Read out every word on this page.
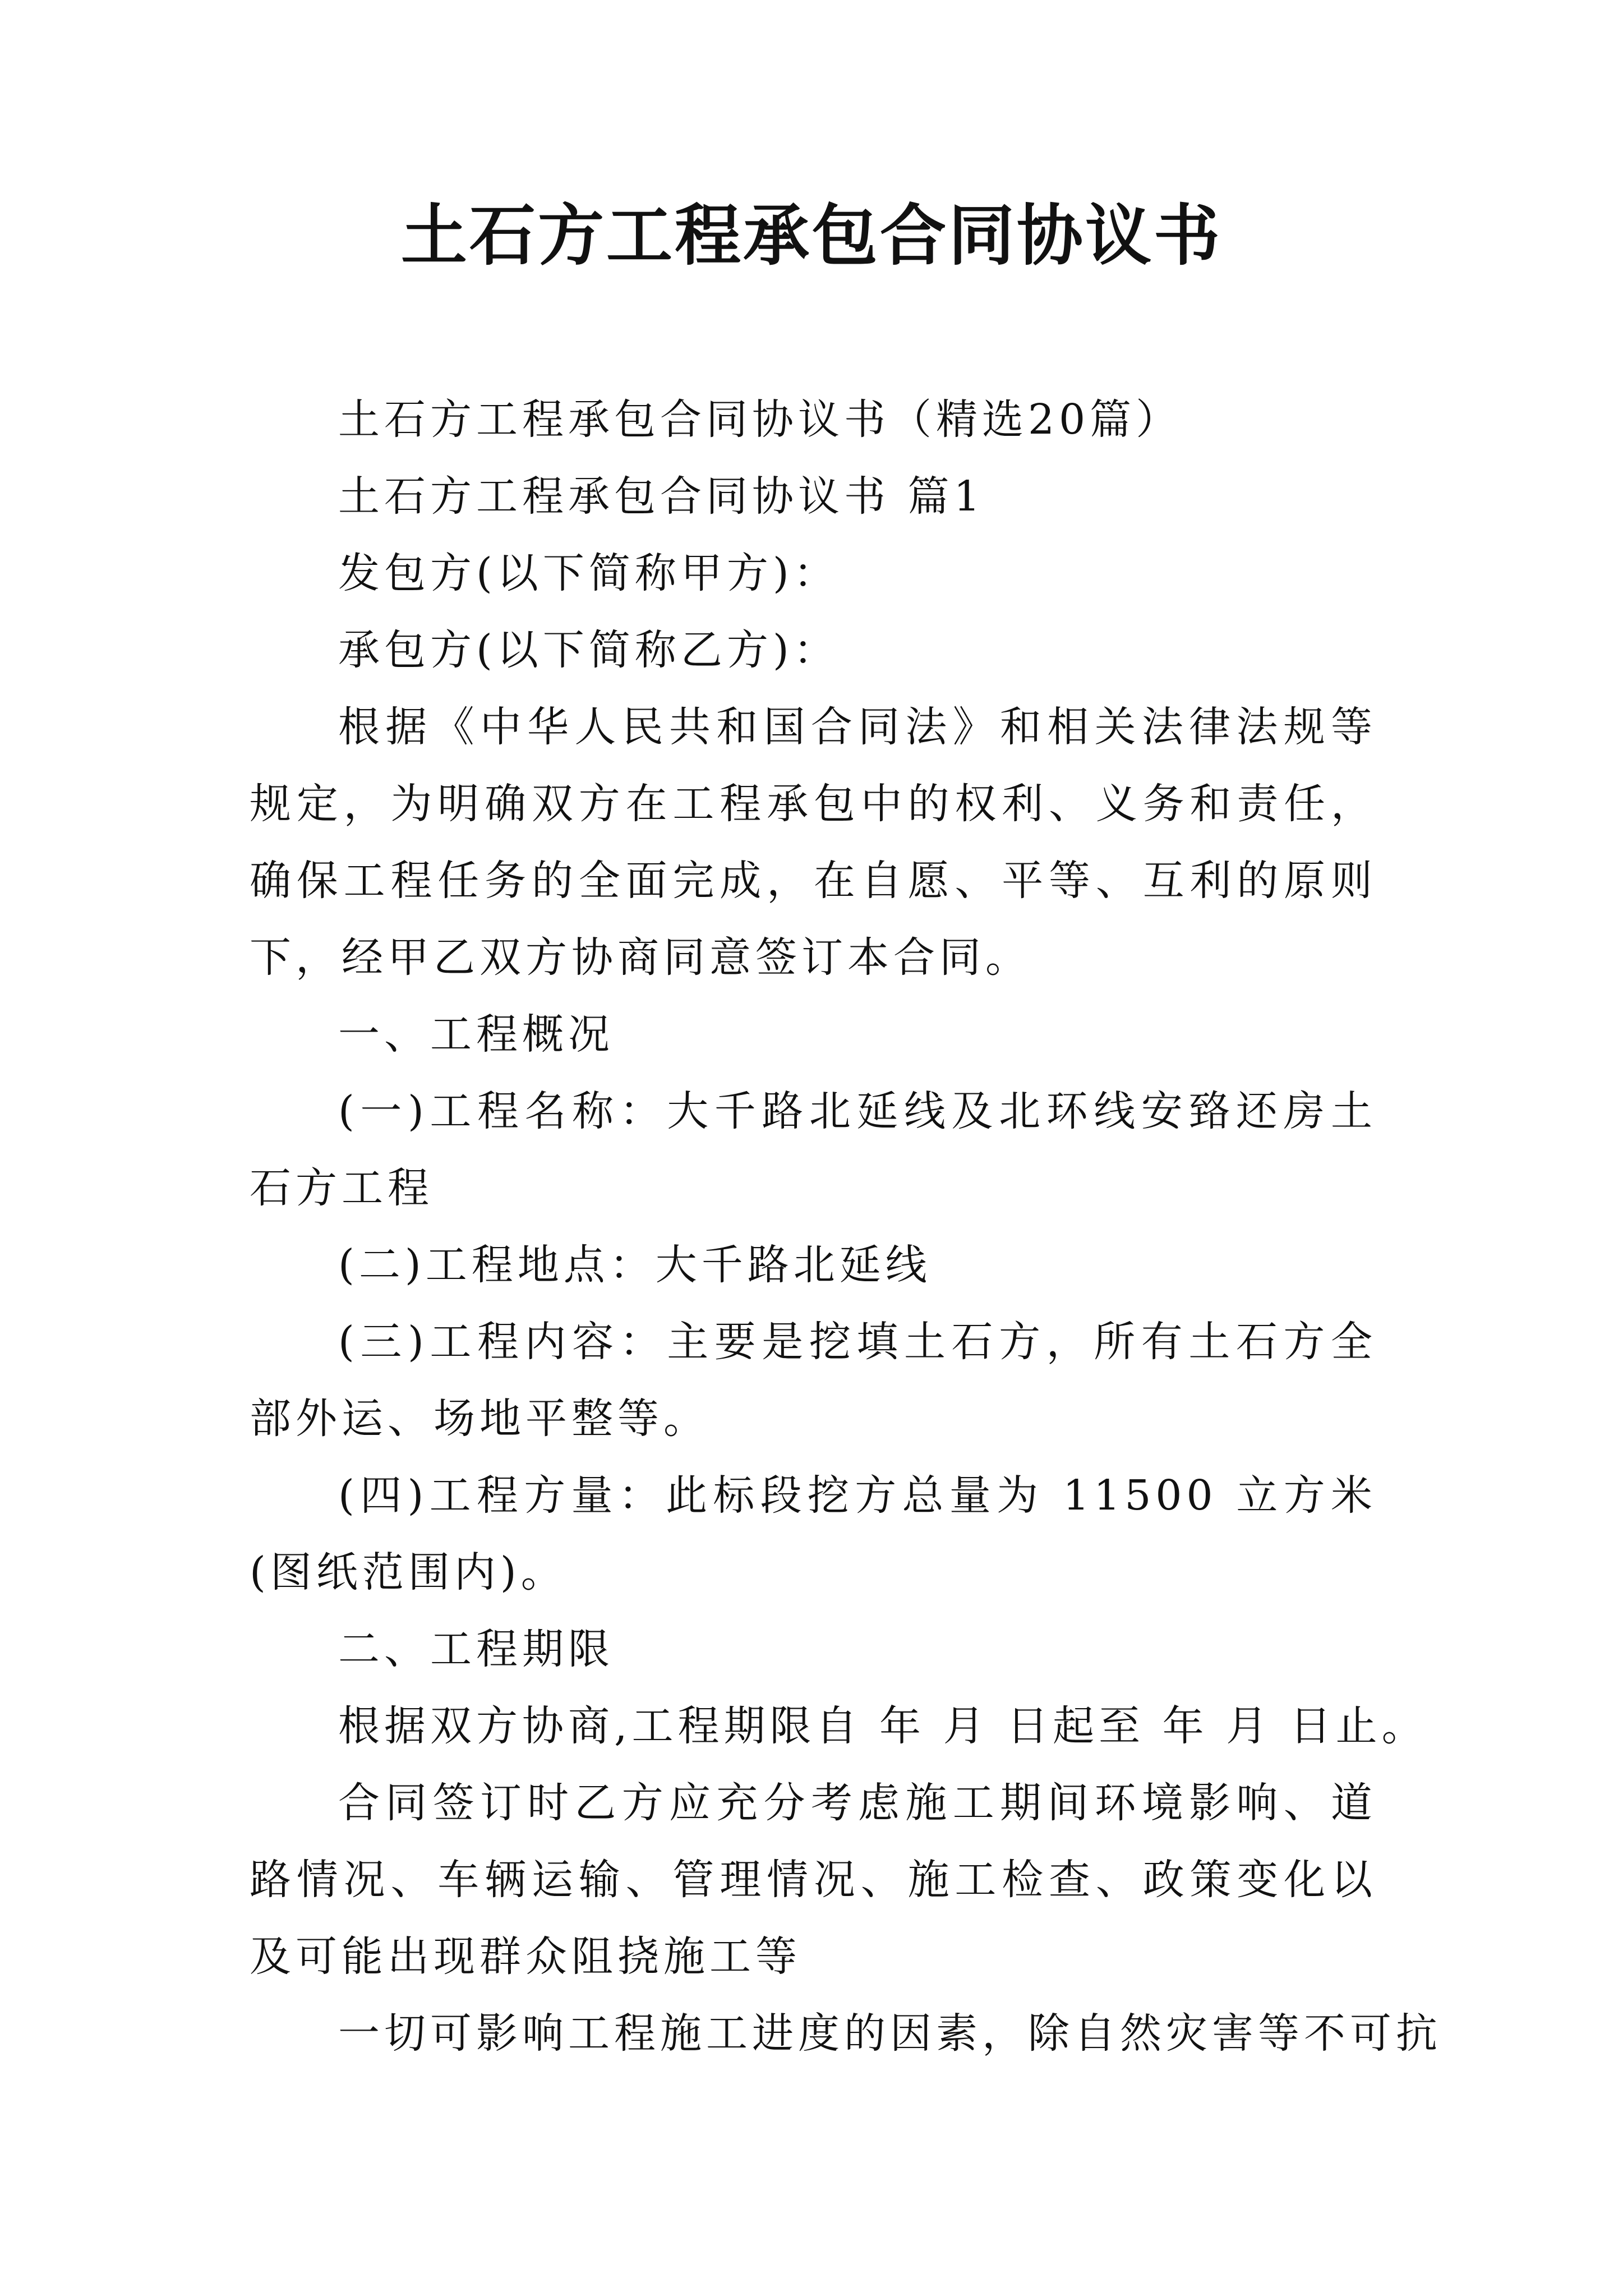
土石方工程承包合同协议书

土石方工程承包合同协议书（精选20篇）

土石方工程承包合同协议书 篇1

发包方(以下简称甲方)：

承包方(以下简称乙方)：

根据《中华人民共和国合同法》和相关法律法规等规定，为明确双方在工程承包中的权利、义务和责任，确保工程任务的全面完成，在自愿、平等、互利的原则下，经甲乙双方协商同意签订本合同。

一、工程概况

(一)工程名称：大千路北延线及北环线安臵还房土石方工程

(二)工程地点：大千路北延线

(三)工程内容：主要是挖填土石方，所有土石方全部外运、场地平整等。

(四)工程方量：此标段挖方总量为 11500 立方米(图纸范围内)。

二、工程期限

根据双方协商,工程期限自 年 月 日起至 年 月 日止。

合同签订时乙方应充分考虑施工期间环境影响、道路情况、车辆运输、管理情况、施工检查、政策变化以及可能出现群众阻挠施工等

一切可影响工程施工进度的因素，除自然灾害等不可抗
